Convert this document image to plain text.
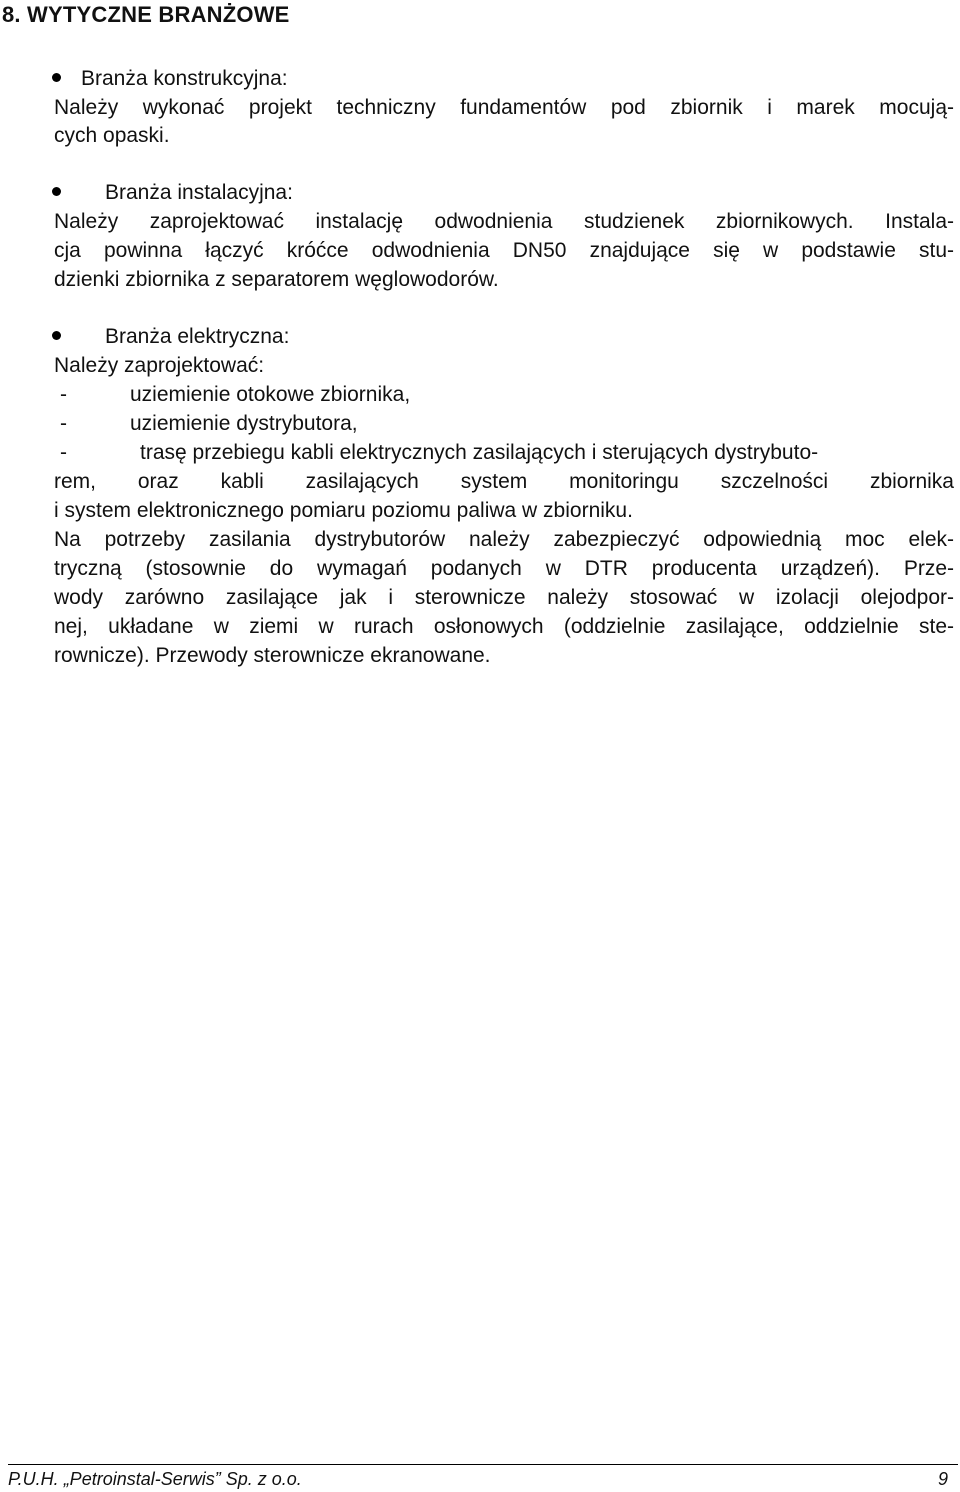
8. WYTYCZNE BRANŻOWE
Branża konstrukcyjna:
Należy wykonać projekt techniczny fundamentów pod zbiornik i marek mocują-
cych opaski.
Branża instalacyjna:
Należy zaprojektować instalację odwodnienia studzienek zbiornikowych. Instala-
cja powinna łączyć króćce odwodnienia DN50 znajdujące się w podstawie stu-
dzienki zbiornika z separatorem węglowodorów.
Branża elektryczna:
Należy zaprojektować:
-	uziemienie otokowe zbiornika,
-	uziemienie dystrybutora,
-	trasę przebiegu kabli elektrycznych zasilających i sterujących dystrybuto-
rem, oraz kabli zasilających system monitoringu szczelności zbiornika
i system elektronicznego pomiaru poziomu paliwa w zbiorniku.
Na potrzeby zasilania dystrybutorów należy zabezpieczyć odpowiednią moc elek-
tryczną (stosownie do wymagań podanych w DTR producenta urządzeń). Prze-
wody zarówno zasilające jak i sterownicze należy stosować w izolacji olejodpor-
nej, układane w ziemi w rurach osłonowych (oddzielnie zasilające, oddzielnie ste-
rownicze). Przewody sterownicze ekranowane.
P.U.H. „Petroinstal-Serwis” Sp. z o.o.	9
